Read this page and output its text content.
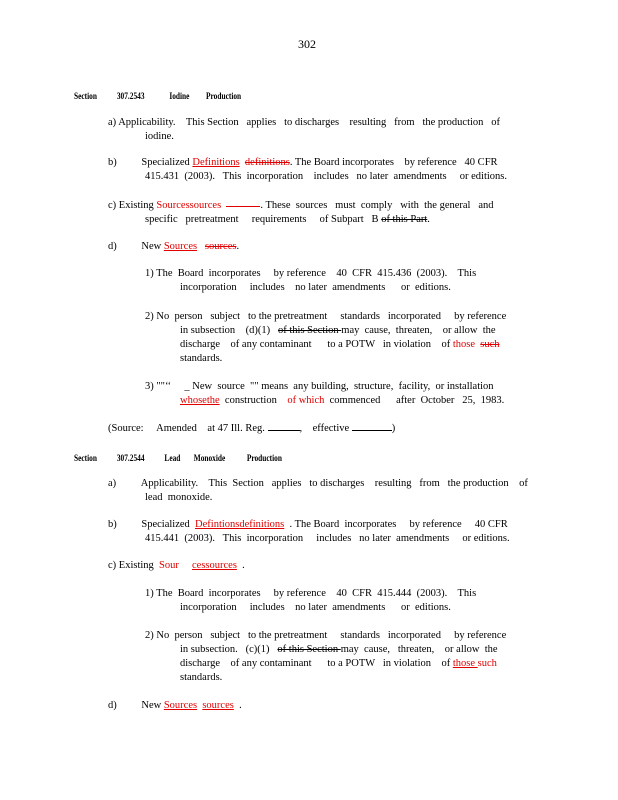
302
Section 307.2543	Iodine Production
a) Applicability.    This Section   applies   to discharges    resulting   from   the production   of
iodine.
b) Specialized Definitions definitions. The Board incorporates    by reference   40 CFR
415.431  (2003).   This  incorporation    includes   no later  amendments     or editions.
c) Existing Sourcessources	. These  sources   must  comply   with  the general   and
specific   pretreatment     requirements     of Subpart   B of this Part.
d) New Sources sources.
1) The  Board  incorporates     by reference    40  CFR  415.436  (2003).    This
incorporation     includes    no later  amendments      or  editions.
2) No  person   subject   to the pretreatment     standards   incorporated     by reference
in subsection    (d)(1)   of this Section may  cause,  threaten,    or allow  the
discharge    of any contaminant      to a POTW   in violation    of those such
standards.
3) ""‘‘  _ New  source  "" means  any building,  structure,  facility,  or installation
whosethe  construction    of which  commenced      after  October   25,  1983.
(Source:     Amended    at 47 Ill. Reg.	,    effective	)
Section 307.2544 Lead Monoxide Production
a) Applicability.    This  Section   applies   to discharges    resulting   from   the production    of
lead  monoxide.
b) Specialized  Defintionsdefinitions  . The Board  incorporates     by reference     40 CFR
415.441  (2003).   This  incorporation     includes   no later  amendments     or editions.
c) Existing  Sour cessources  .
1) The  Board  incorporates     by reference    40  CFR  415.444  (2003).    This
incorporation     includes    no later  amendments      or  editions.
2) No  person   subject   to the pretreatment     standards   incorporated     by reference
in subsection.   (c)(1)   of this Section may  cause,   threaten,    or allow  the
discharge    of any contaminant      to a POTW   in violation    of those such
standards.
d) New Sources sources  .
